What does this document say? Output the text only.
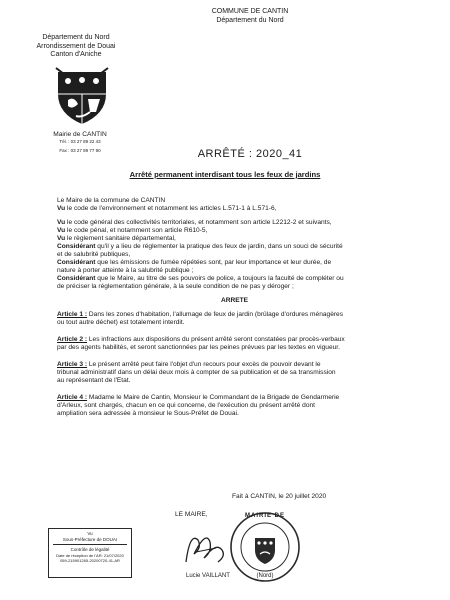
COMMUNE DE CANTIN
Département du Nord
Département du Nord
Arrondissement de Douai
Canton d'Aniche
Mairie de CANTIN
Tél. : 03 27 89 22 43
Fax : 03 27 89 77 90	ARRÊTÉ : 2020_41
Arrêté permanent interdisant tous les feux de jardins
Le Maire de la commune de CANTIN
Vu le code de l'environnement et notamment les articles L.571-1 à L.571-6,
Vu le code général des collectivités territoriales, et notamment son article L2212-2 et suivants,
Vu le code pénal, et notamment son article R610-5,
Vu le règlement sanitaire départemental,
Considérant qu'il y a lieu de réglementer la pratique des feux de jardin, dans un souci de sécurité
et de salubrité publiques,
Considérant que les émissions de fumée répétées sont, par leur importance et leur durée, de
nature à porter atteinte à la salubrité publique ;
Considérant que le Maire, au titre de ses pouvoirs de police, a toujours la faculté de compléter ou
de préciser la réglementation générale, à la seule condition de ne pas y déroger ;
ARRETE
Article 1 : Dans les zones d'habitation, l'allumage de feux de jardin (brûlage d'ordures ménagères
ou tout autre déchet) est totalement interdit.
Article 2 : Les infractions aux dispositions du présent arrêté seront constatées par procès-verbaux
par des agents habilités, et seront sanctionnées par les peines prévues par les textes en vigueur.
Article 3 : Le présent arrêté peut faire l'objet d'un recours pour excès de pouvoir devant le
tribunal administratif dans un délai deux mois à compter de sa publication et de sa transmission
au représentant de l'État.
Article 4 : Madame le Maire de Cantin, Monsieur le Commandant de la Brigade de Gendarmerie
d'Arleux, sont chargés, chacun en ce qui concerne, de l'exécution du présent arrêté dont
ampliation sera adressée à monsieur le Sous-Préfet de Douai.
Fait à CANTIN, le 20 juillet 2020
LE MAIRE,
Lucie VAILLANT
MAIRIE DE
(Nord)
Vu
Sous-Préfecture de DOUAI
Contrôle de légalité
Date de réception de l'AR: 21/07/2020
059-215901265-20200720-41-AR
